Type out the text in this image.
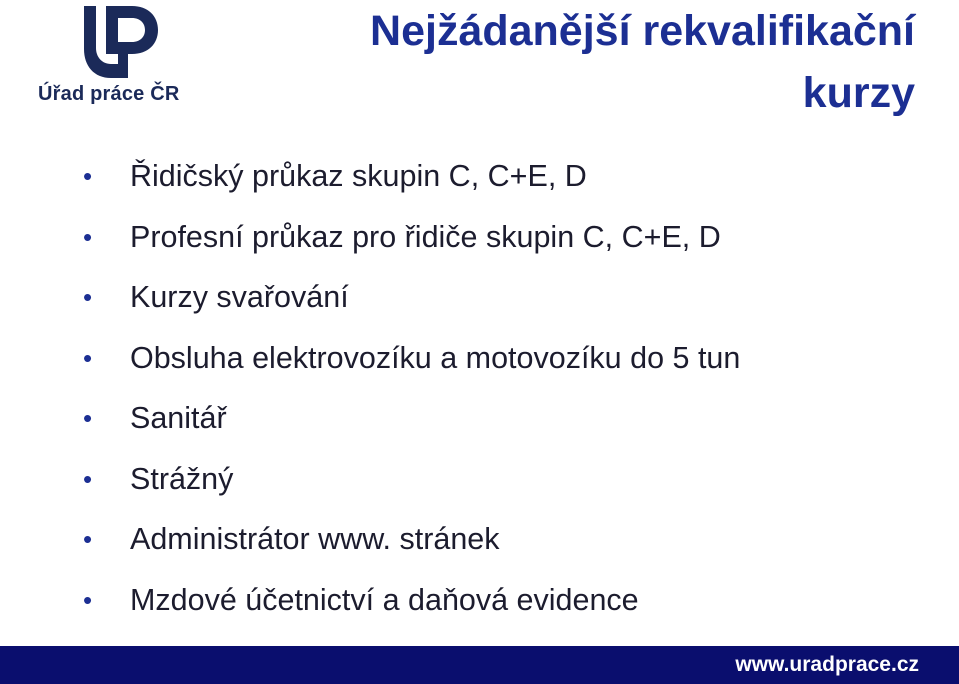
Úřad práce ČR
Nejžádanější rekvalifikační
kurzy
• Řidičský průkaz skupin C, C+E, D
• Profesní průkaz pro řidiče skupin C, C+E, D
• Kurzy svařování
• Obsluha elektrovozíku a motovozíku do 5 tun
• Sanitář
• Strážný
• Administrátor www. stránek
• Mzdové účetnictví a daňová evidence
www.uradprace.cz
